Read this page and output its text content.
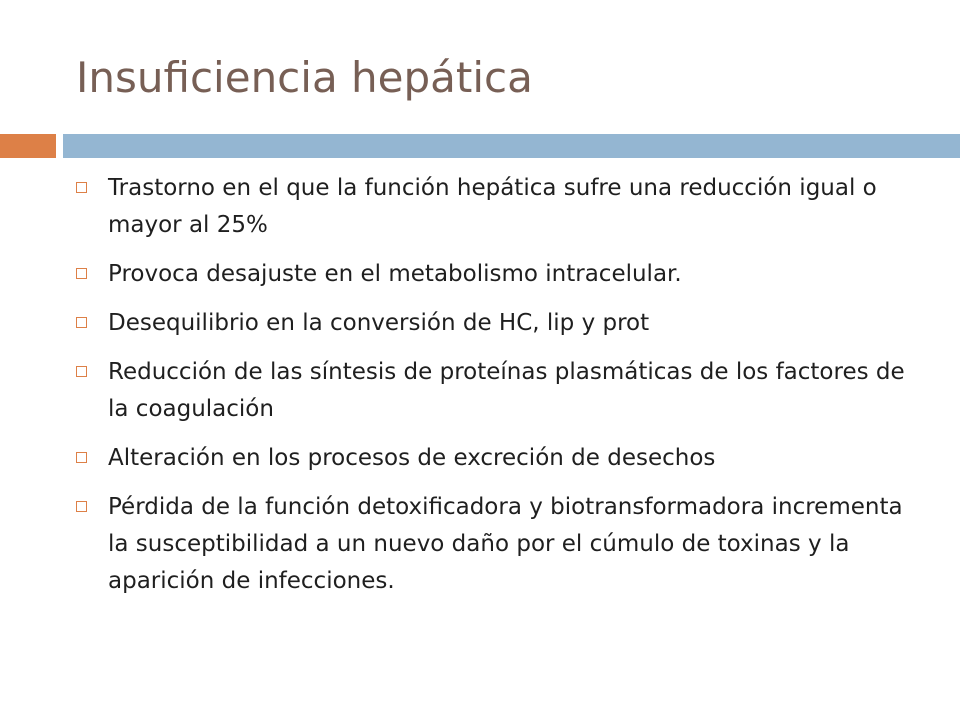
Insuficiencia hepática
Trastorno en el que la función hepática sufre una reducción igual o mayor al 25%
Provoca desajuste en el metabolismo intracelular.
Desequilibrio en la conversión de HC, lip y prot
Reducción de las síntesis de proteínas plasmáticas de los factores de la coagulación
Alteración en los procesos de excreción de desechos
Pérdida de la función detoxificadora y biotransformadora incrementa la susceptibilidad a un nuevo daño por el cúmulo de toxinas y la aparición de infecciones.
